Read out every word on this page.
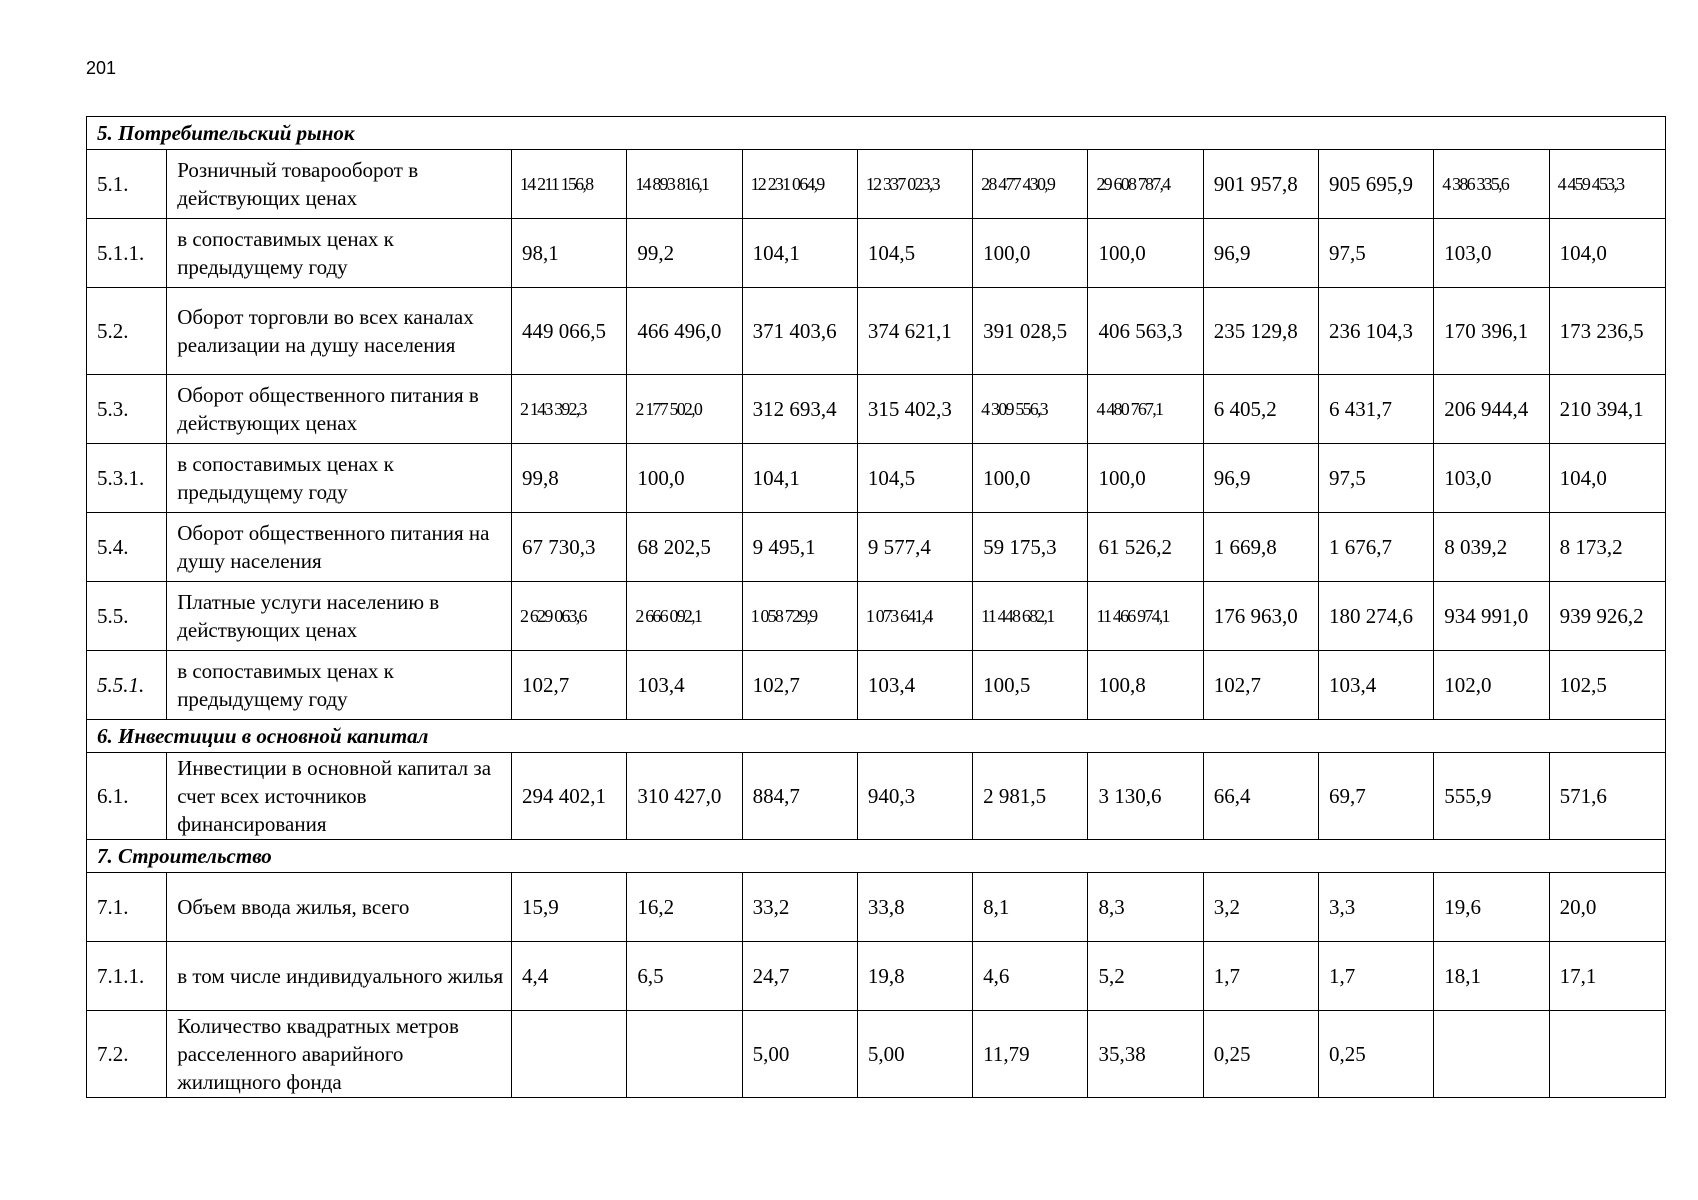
201
5. Потребительский рынок											
5.1.	Розничный товарооборот в действующих ценах	14 211 156,8	14 893 816,1	12 231 064,9	12 337 023,3	28 477 430,9	29 608 787,4	901 957,8	905 695,9	4 386 335,6	4 459 453,3
5.1.1.	в сопоставимых ценах к предыдущему году	98,1	99,2	104,1	104,5	100,0	100,0	96,9	97,5	103,0	104,0
5.2.	Оборот торговли во всех каналах реализации на душу населения	449 066,5	466 496,0	371 403,6	374 621,1	391 028,5	406 563,3	235 129,8	236 104,3	170 396,1	173 236,5
5.3.	Оборот общественного питания в действующих ценах	2 143 392,3	2 177 502,0	312 693,4	315 402,3	4 309 556,3	4 480 767,1	6 405,2	6 431,7	206 944,4	210 394,1
5.3.1.	в сопоставимых ценах к предыдущему году	99,8	100,0	104,1	104,5	100,0	100,0	96,9	97,5	103,0	104,0
5.4.	Оборот общественного питания на душу населения	67 730,3	68 202,5	9 495,1	9 577,4	59 175,3	61 526,2	1 669,8	1 676,7	8 039,2	8 173,2
5.5.	Платные услуги населению в действующих ценах	2 629 063,6	2 666 092,1	1 058 729,9	1 073 641,4	11 448 682,1	11 466 974,1	176 963,0	180 274,6	934 991,0	939 926,2
5.5.1.	в сопоставимых ценах к предыдущему году	102,7	103,4	102,7	103,4	100,5	100,8	102,7	103,4	102,0	102,5
6. Инвестиции в основной капитал											
6.1.	Инвестиции в основной капитал за счет всех источников финансирования	294 402,1	310 427,0	884,7	940,3	2 981,5	3 130,6	66,4	69,7	555,9	571,6
7. Строительство											
7.1.	Объем ввода жилья, всего	15,9	16,2	33,2	33,8	8,1	8,3	3,2	3,3	19,6	20,0
7.1.1.	в том числе индивидуального жилья	4,4	6,5	24,7	19,8	4,6	5,2	1,7	1,7	18,1	17,1
7.2.	Количество квадратных метров расселенного аварийного жилищного фонда			5,00	5,00	11,79	35,38	0,25	0,25		
